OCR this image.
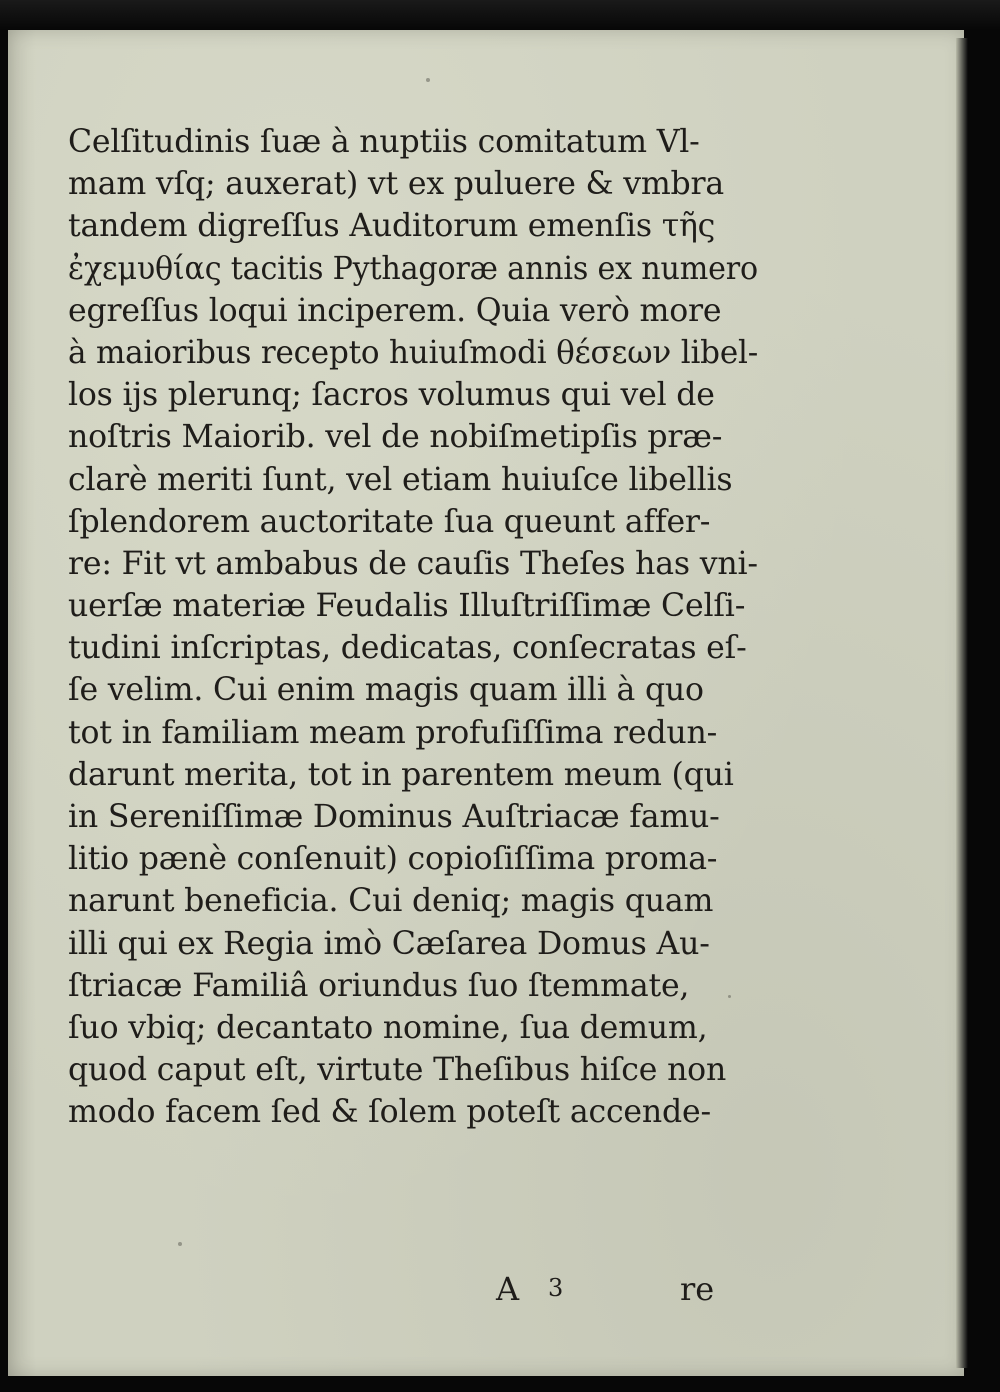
Celſitudinis ſuæ à nuptiis comitatum Vl-
mam vſq; auxerat) vt ex puluere & vmbra
tandem digreſſus Auditorum emenſis τῆς
ἐχεμυθίας tacitis Pythagoræ annis ex numero
egreſſus loqui inciperem. Quia verò more
à maioribus recepto huiuſmodi θέσεων libel-
los ijs plerunq; ſacros volumus qui vel de
noſtris Maiorib. vel de nobiſmetipſis præ-
clarè meriti ſunt, vel etiam huiuſce libellis
ſplendorem auctoritate ſua queunt affer-
re: Fit vt ambabus de cauſis Theſes has vni-
uerſæ materiæ Feudalis Illuſtriſſimæ Celſi-
tudini inſcriptas, dedicatas, conſecratas eſ-
ſe velim. Cui enim magis quam illi à quo
tot in familiam meam profuſiſſima redun-
darunt merita, tot in parentem meum (qui
in Sereniſſimæ Dominus Auſtriacæ famu-
litio pænè conſenuit) copioſiſſima proma-
narunt beneficia. Cui deniq; magis quam
illi qui ex Regia imò Cæſarea Domus Au-
ſtriacæ Familiâ oriundus ſuo ſtemmate,
ſuo vbiq; decantato nomine, ſua demum,
quod caput eſt, virtute Theſibus hiſce non
modo facem ſed & ſolem poteſt accende-
A 3	re
